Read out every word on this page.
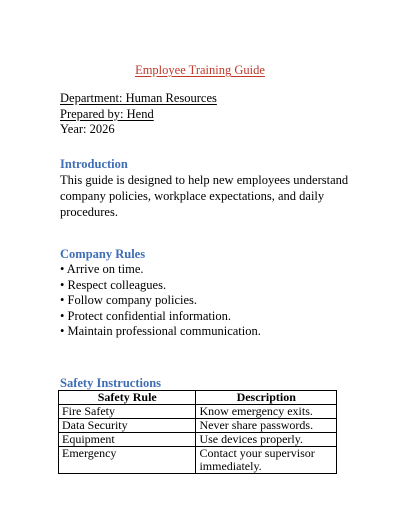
Employee Training Guide
Department: Human Resources
Prepared by: Hend
Year: 2026
Introduction
This guide is designed to help new employees understand company policies, workplace expectations, and daily procedures.
Company Rules
• Arrive on time.
• Respect colleagues.
• Follow company policies.
• Protect confidential information.
• Maintain professional communication.
Safety Instructions
Safety Rule	Description
Fire Safety	Know emergency exits.
Data Security	Never share passwords.
Equipment	Use devices properly.
Emergency	Contact your supervisor immediately.
